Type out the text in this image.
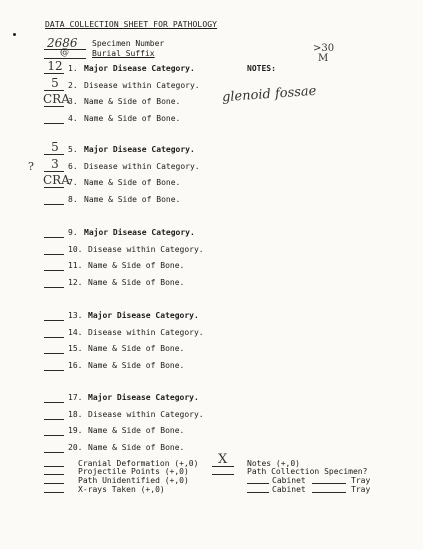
DATA COLLECTION SHEET FOR PATHOLOGY
2686
@
Specimen Number
Burial Suffix
NOTES:
>30
M
glenoid fossae
12 1. Major Disease Category.
5	2. Disease within Category.
CRA
3. Name & Side of Bone.
4. Name & Side of Bone.
5	5. Major Disease Category.
3
?	6. Disease within Category.
CRA
7. Name & Side of Bone.
8. Name & Side of Bone.
9. Major Disease Category.
10. Disease within Category.
11. Name & Side of Bone.
12. Name & Side of Bone.
13. Major Disease Category.
14. Disease within Category.
15. Name & Side of Bone.
16. Name & Side of Bone.
17. Major Disease Category.
18. Disease within Category.
19. Name & Side of Bone.
20. Name & Side of Bone.
Cranial Deformation (+,0)
Projectile Points (+,0)
Path Unidentified (+,0)
X-rays Taken (+,0)
X Notes (+,0)
Path Collection Specimen?
Cabinet	Tray
Cabinet	Tray
